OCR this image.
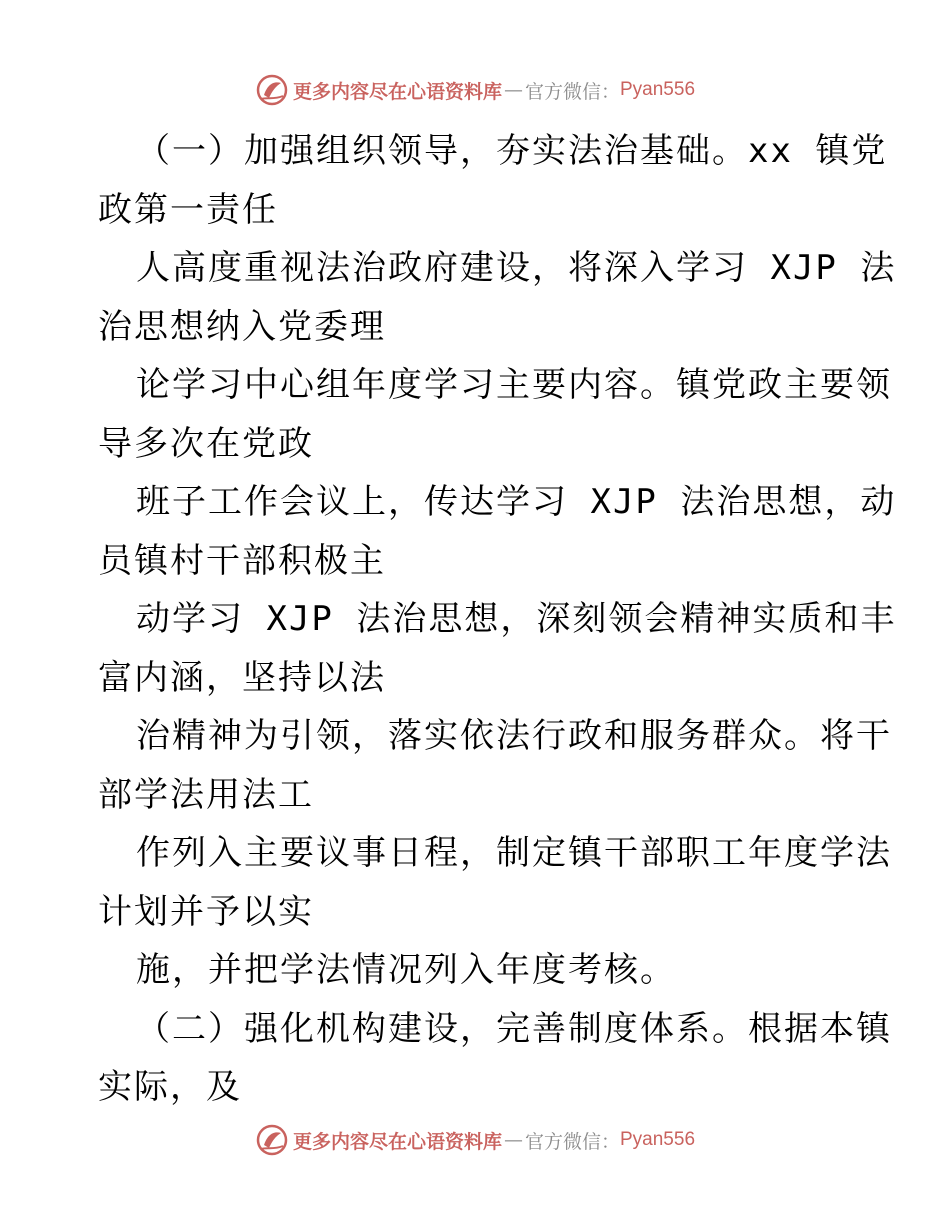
更多内容尽在心语资料库 — 官方微信： Pyan556
（一）加强组织领导，夯实法治基础。xx 镇党
政第一责任
人高度重视法治政府建设，将深入学习 XJP 法
治思想纳入党委理
论学习中心组年度学习主要内容。镇党政主要领
导多次在党政
班子工作会议上，传达学习 XJP 法治思想，动
员镇村干部积极主
动学习 XJP 法治思想，深刻领会精神实质和丰
富内涵，坚持以法
治精神为引领，落实依法行政和服务群众。将干
部学法用法工
作列入主要议事日程，制定镇干部职工年度学法
计划并予以实
施，并把学法情况列入年度考核。
（二）强化机构建设，完善制度体系。根据本镇
实际，及
更多内容尽在心语资料库 — 官方微信： Pyan556
